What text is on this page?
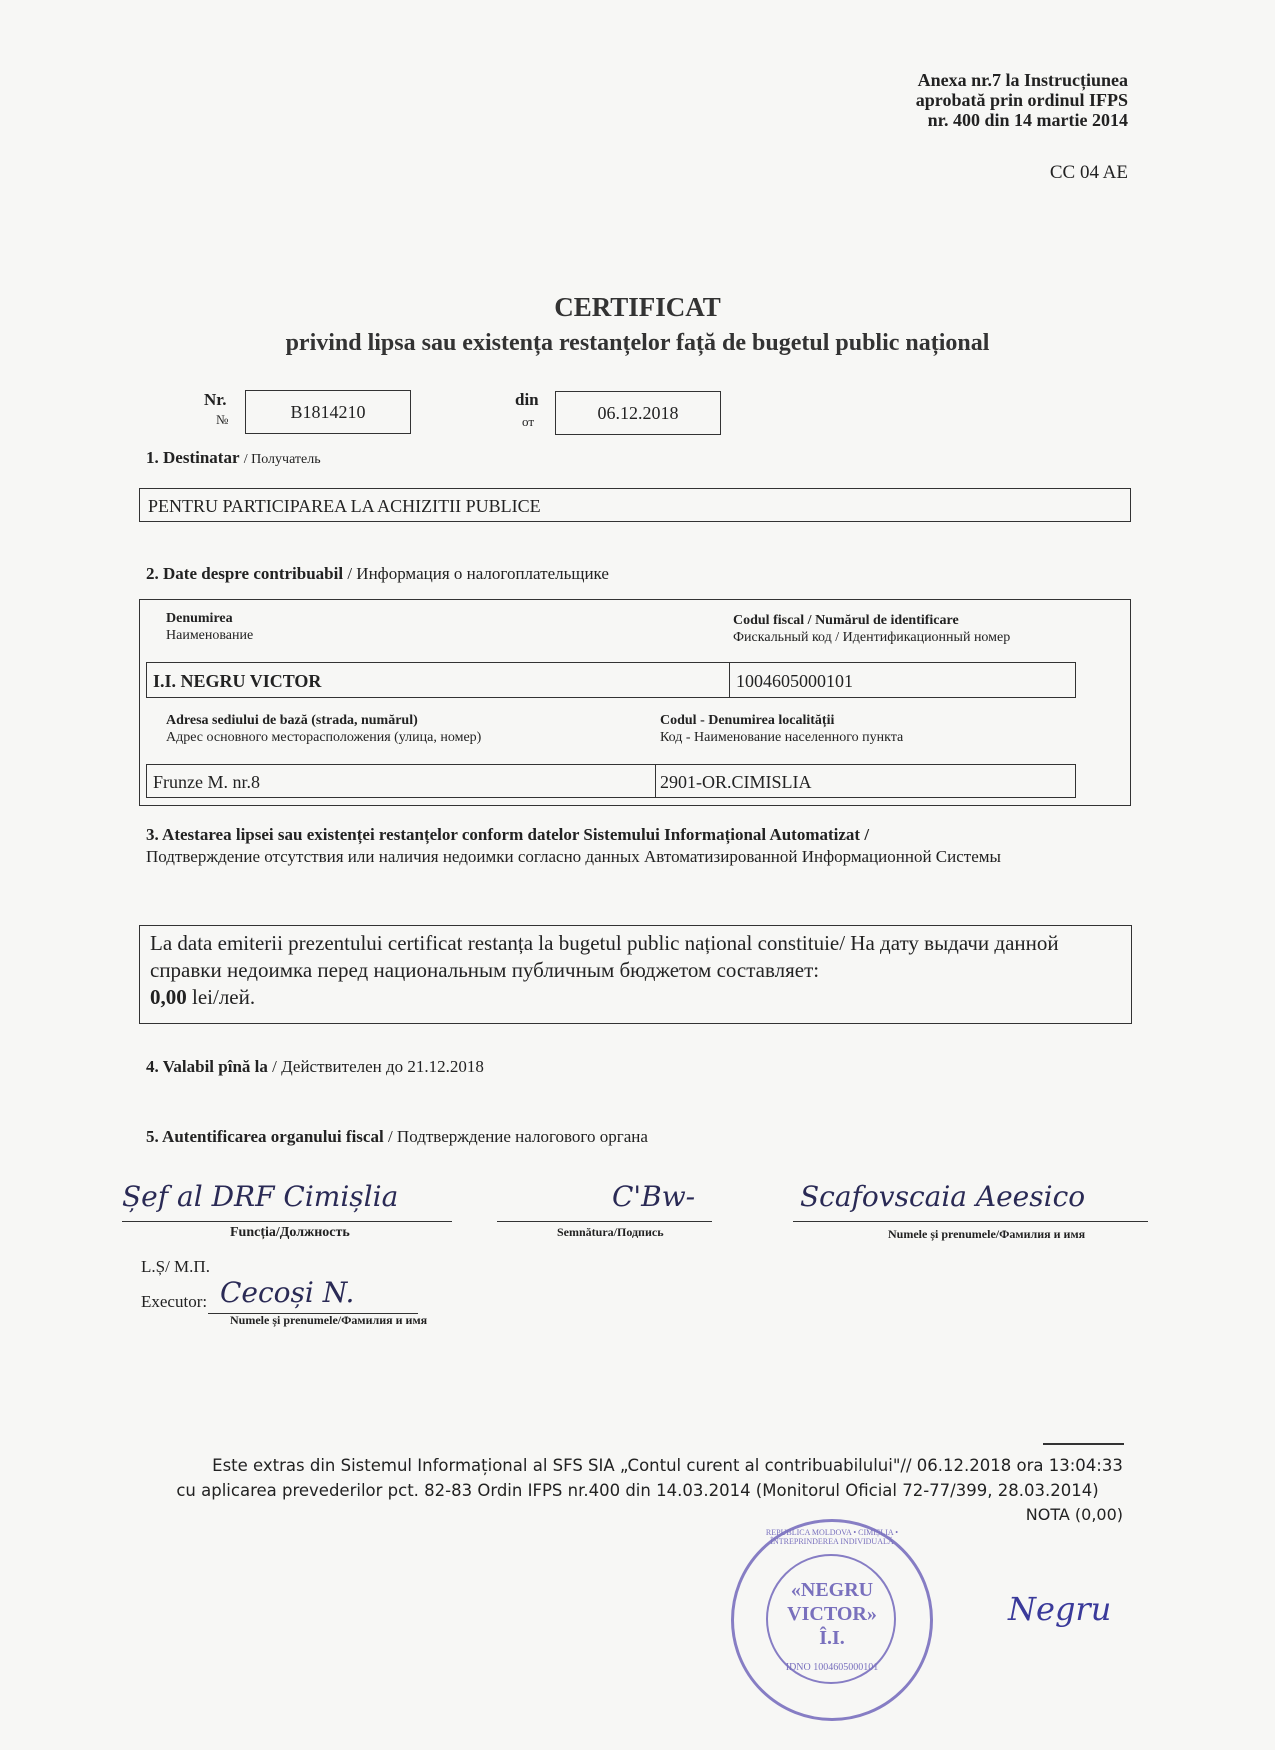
Anexa nr.7 la Instrucțiunea
aprobată prin ordinul IFPS
nr. 400 din 14 martie 2014
CC 04 AE
CERTIFICAT
privind lipsa sau existența restanțelor față de bugetul public național
Nr.
№	B1814210
din
от	06.12.2018
1. Destinatar / Получатель
PENTRU PARTICIPAREA LA ACHIZITII PUBLICE
2. Date despre contribuabil / Информация о налогоплательщике
Denumirea
Наименование
Codul fiscal / Numărul de identificare
Фискальный код / Идентификационный номер
I.I. NEGRU VICTOR	1004605000101
Adresa sediului de bază (strada, numărul)
Адрес основного месторасположения (улица, номер)
Codul - Denumirea localității
Код - Наименование населенного пункта
Frunze M. nr.8	2901-OR.CIMISLIA
3. Atestarea lipsei sau existenței restanțelor conform datelor Sistemului Informațional Automatizat /
Подтверждение отсутствия или наличия недоимки согласно данных Автоматизированной Информационной Системы
La data emiterii prezentului certificat restanța la bugetul public național constituie/ На дату выдачи данной справки недоимка перед национальным публичным бюджетом составляет:
0,00 lei/лей.
4. Valabil pînă la / Действителен до 21.12.2018
5. Autentificarea organului fiscal / Подтверждение налогового органа
Șef al DRF Cimișlia
Funcția/Должность
C'Bw-
Semnătura/Подпись
Scafovscaia Aeesico
Numele și prenumele/Фамилия и имя
L.Ș/ М.П.
Executor: Cecoși N.
Numele și prenumele/Фамилия и имя
Este extras din Sistemul Informațional al SFS SIA „Contul curent al contribuabilului"// 06.12.2018 ora 13:04:33
cu aplicarea prevederilor pct. 82-83 Ordin IFPS nr.400 din 14.03.2014 (Monitorul Oficial 72-77/399, 28.03.2014)
NOTA (0,00)
«NEGRU VICTOR» Î.I.
IDNO 1004605000101
REPUBLICA MOLDOVA • CIMIȘLIA • ÎNTREPRINDEREA INDIVIDUALĂ
Negru
